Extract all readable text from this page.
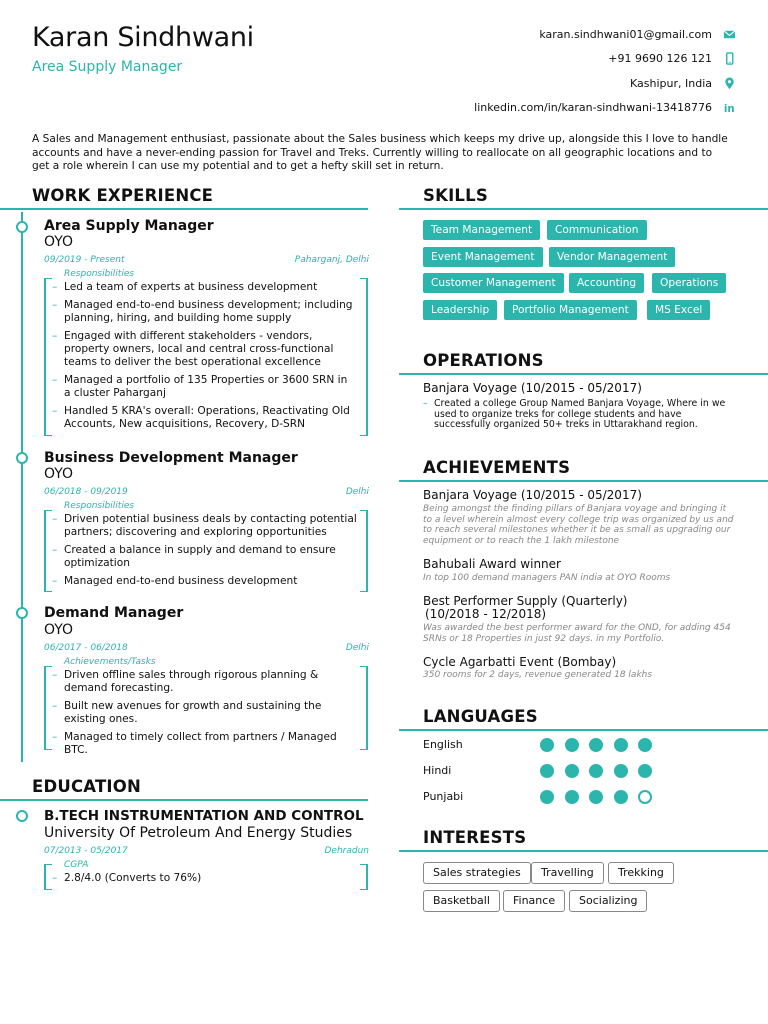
Karan Sindhwani
Area Supply Manager
karan.sindhwani01@gmail.com
+91 9690 126 121
Kashipur, India
linkedin.com/in/karan-sindhwani-13418776 in
A Sales and Management enthusiast, passionate about the Sales business which keeps my drive up, alongside this I love to handle accounts and have a never-ending passion for Travel and Treks. Currently willing to reallocate on all geographic locations and to get a role wherein I can use my potential and to get a hefty skill set in return.
WORK EXPERIENCE
Area Supply Manager
OYO
09/2019 - Present	Paharganj, Delhi
Responsibilities
– Led a team of experts at business development
– Managed end-to-end business development; including planning, hiring, and building home supply
– Engaged with different stakeholders - vendors, property owners, local and central cross-functional teams to deliver the best operational excellence
– Managed a portfolio of 135 Properties or 3600 SRN in a cluster Paharganj
– Handled 5 KRA's overall: Operations, Reactivating Old Accounts, New acquisitions, Recovery, D-SRN
Business Development Manager
OYO
06/2018 - 09/2019	Delhi
Responsibilities
– Driven potential business deals by contacting potential partners; discovering and exploring opportunities
– Created a balance in supply and demand to ensure optimization
– Managed end-to-end business development
Demand Manager
OYO
06/2017 - 06/2018	Delhi
Achievements/Tasks
– Driven offline sales through rigorous planning & demand forecasting.
– Built new avenues for growth and sustaining the existing ones.
– Managed to timely collect from partners / Managed BTC.
EDUCATION
B.TECH INSTRUMENTATION AND CONTROL
University Of Petroleum And Energy Studies
07/2013 - 05/2017	Dehradun
CGPA
– 2.8/4.0 (Converts to 76%)
SKILLS
Team Management	Communication
Event Management	Vendor Management
Customer Management	Accounting	Operations
Leadership	Portfolio Management	MS Excel
OPERATIONS
Banjara Voyage (10/2015 - 05/2017)
– Created a college Group Named Banjara Voyage, Where in we used to organize treks for college students and have successfully organized 50+ treks in Uttarakhand region.
ACHIEVEMENTS
Banjara Voyage (10/2015 - 05/2017)
Being amongst the finding pillars of Banjara voyage and bringing it to a level wherein almost every college trip was organized by us and to reach several milestones whether it be as small as upgrading our equipment or to reach the 1 lakh milestone
Bahubali Award winner
In top 100 demand managers PAN india at OYO Rooms
Best Performer Supply (Quarterly)
(10/2018 - 12/2018)
Was awarded the best performer award for the OND, for adding 454 SRNs or 18 Properties in just 92 days. in my Portfolio.
Cycle Agarbatti Event (Bombay)
350 rooms for 2 days, revenue generated 18 lakhs
LANGUAGES
English
Hindi
Punjabi
INTERESTS
Sales strategies	Travelling	Trekking
Basketball	Finance	Socializing
